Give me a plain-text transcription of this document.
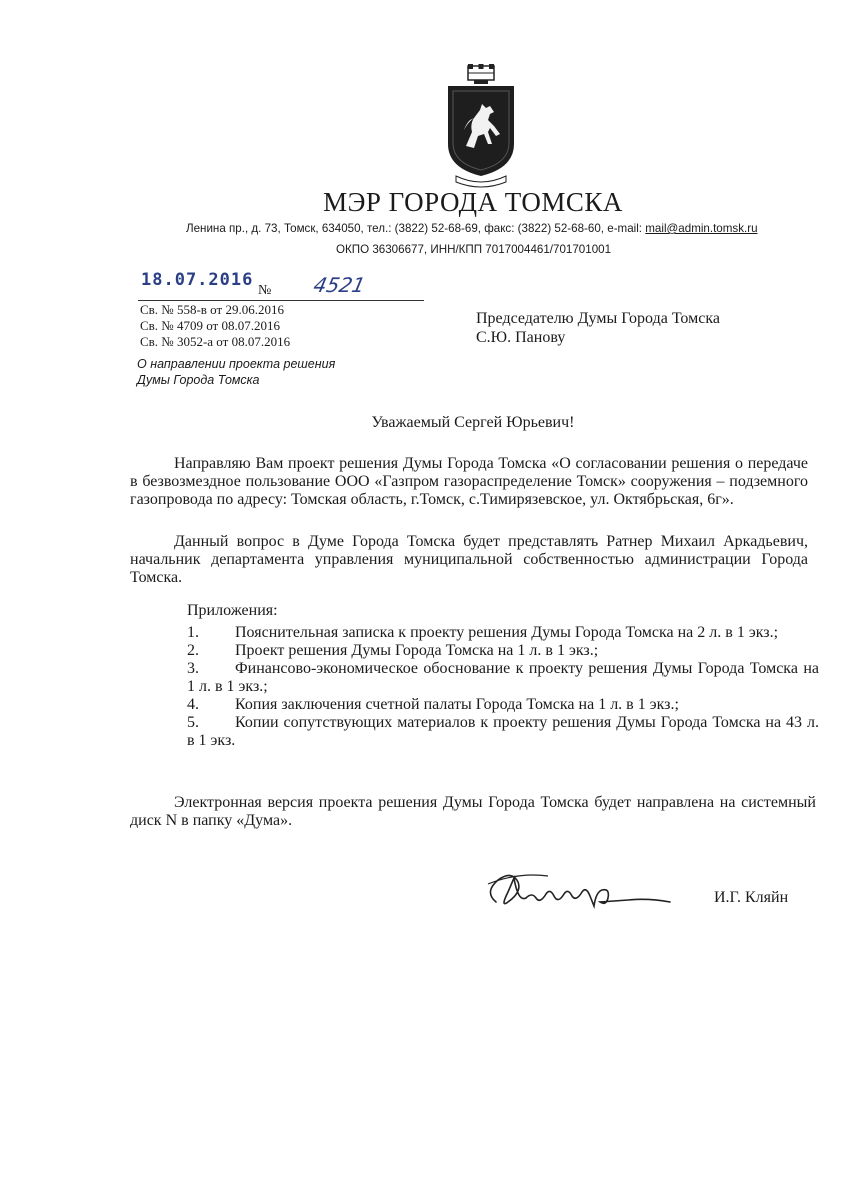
МЭР ГОРОДА ТОМСКА
Ленина пр., д. 73, Томск, 634050, тел.: (3822) 52-68-69, факс: (3822) 52-68-60, e-mail: mail@admin.tomsk.ru
ОКПО 36306677, ИНН/КПП 7017004461/701701001
18.07.2016
№ 4521
Св. № 558-в от 29.06.2016
Св. № 4709 от 08.07.2016
Св. № 3052-а от 08.07.2016
О направлении проекта решения
Думы Города Томска
Председателю Думы Города Томска
С.Ю. Панову
Уважаемый Сергей Юрьевич!
Направляю Вам проект решения Думы Города Томска «О согласовании решения о передаче в безвозмездное пользование ООО «Газпром газораспределение Томск» сооружения – подземного газопровода по адресу: Томская область, г.Томск, с.Тимирязевское, ул. Октябрьская, 6г».
Данный вопрос в Думе Города Томска будет представлять Ратнер Михаил Аркадьевич, начальник департамента управления муниципальной собственностью администрации Города Томска.
Приложения:
1.	Пояснительная записка к проекту решения Думы Города Томска на 2 л. в 1 экз.;
2.	Проект решения Думы Города Томска на 1 л. в 1 экз.;
3. Финансово-экономическое обоснование к проекту решения Думы Города Томска на 1 л. в 1 экз.;
4.	Копия заключения счетной палаты Города Томска на 1 л. в 1 экз.;
5. Копии сопутствующих материалов к проекту решения Думы Города Томска на 43 л. в 1 экз.
Электронная версия проекта решения Думы Города Томска будет направлена на системный диск N в папку «Дума».
И.Г. Кляйн
